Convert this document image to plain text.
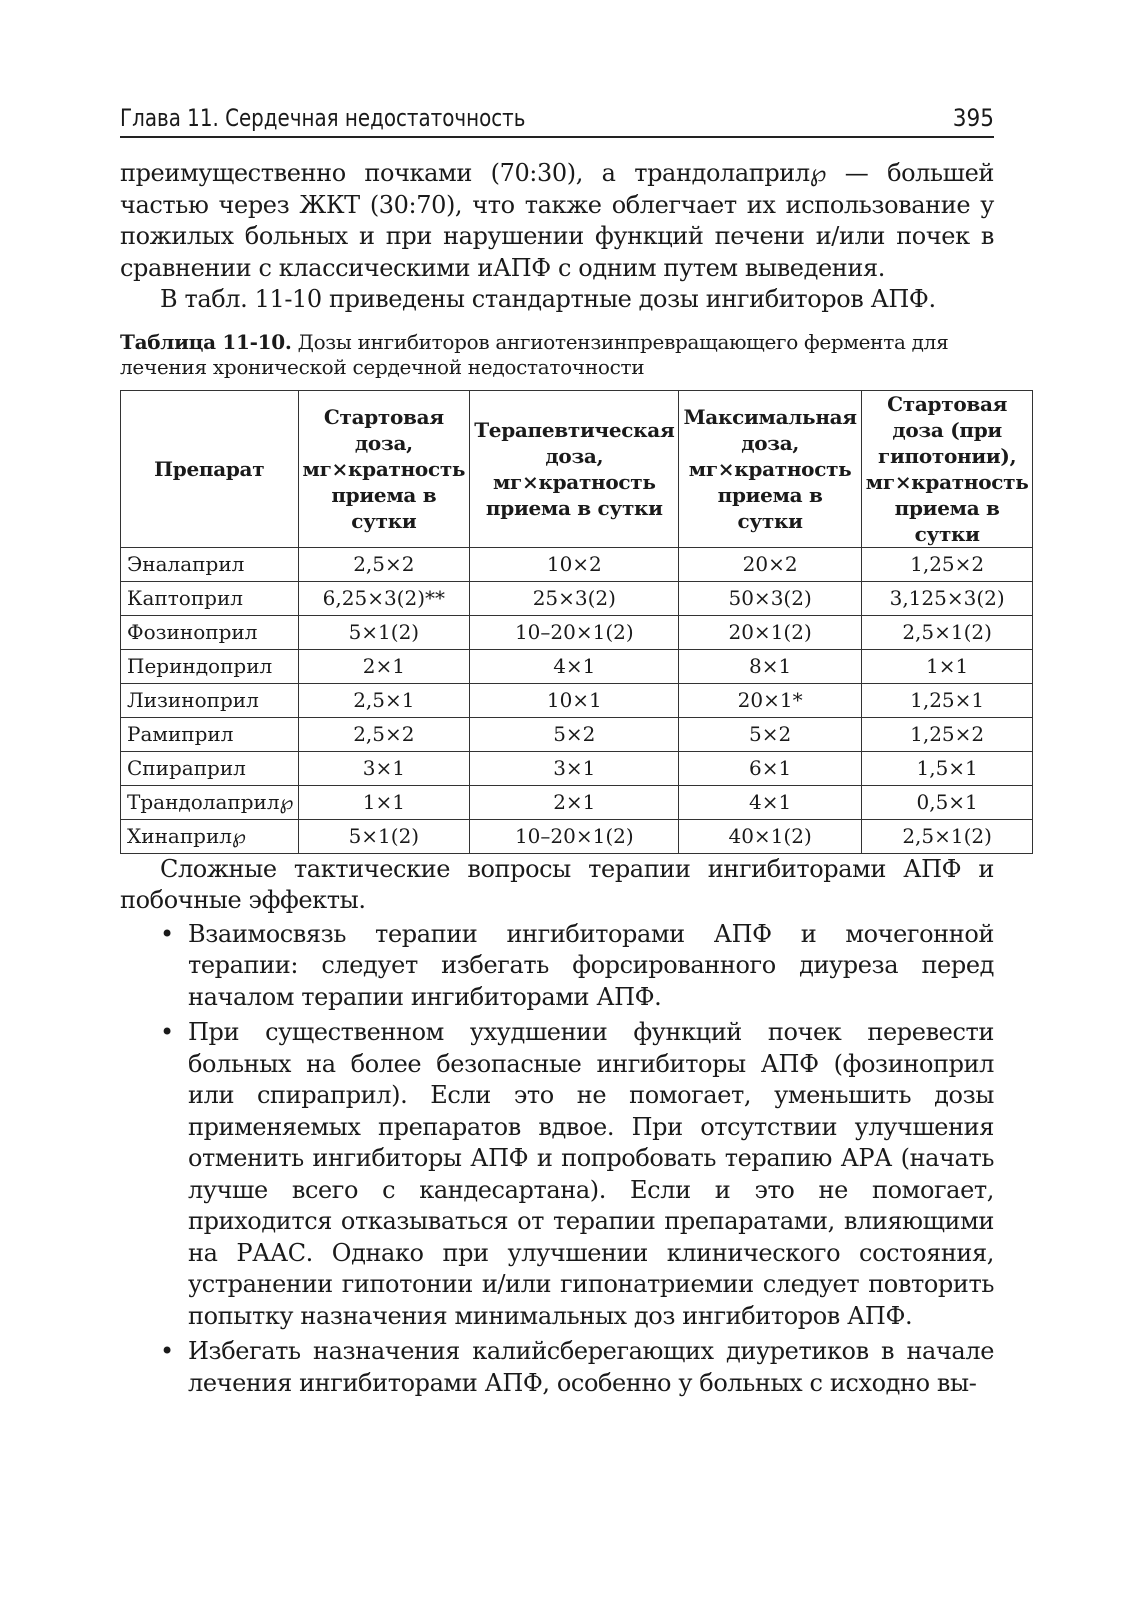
Глава 11. Сердечная недостаточность	395

преимущественно почками (70:30), а трандолаприл℘ — большей частью через ЖКТ (30:70), что также облегчает их использование у пожилых больных и при нарушении функций печени и/или почек в сравнении с классическими иАПФ с одним путем выведения.

В табл. 11-10 приведены стандартные дозы ингибиторов АПФ.

Таблица 11-10. Дозы ингибиторов ангиотензинпревращающего фермента для лечения хронической сердечной недостаточности
Препарат	Стартовая доза, мг×кратность приема в сутки	Терапевтическая доза, мг×кратность приема в сутки	Максимальная доза, мг×кратность приема в сутки	Стартовая доза (при гипотонии), мг×кратность приема в сутки
Эналаприл	2,5×2	10×2	20×2	1,25×2
Каптоприл	6,25×3(2)**	25×3(2)	50×3(2)	3,125×3(2)
Фозиноприл	5×1(2)	10–20×1(2)	20×1(2)	2,5×1(2)
Периндоприл	2×1	4×1	8×1	1×1
Лизиноприл	2,5×1	10×1	20×1*	1,25×1
Рамиприл	2,5×2	5×2	5×2	1,25×2
Спираприл	3×1	3×1	6×1	1,5×1
Трандолаприл℘	1×1	2×1	4×1	0,5×1
Хинаприл℘	5×1(2)	10–20×1(2)	40×1(2)	2,5×1(2)

Сложные тактические вопросы терапии ингибиторами АПФ и побочные эффекты.

• Взаимосвязь терапии ингибиторами АПФ и мочегонной терапии: следует избегать форсированного диуреза перед началом терапии ингибиторами АПФ.
• При существенном ухудшении функций почек перевести больных на более безопасные ингибиторы АПФ (фозиноприл или спираприл). Если это не помогает, уменьшить дозы применяемых препаратов вдвое. При отсутствии улучшения отменить ингибиторы АПФ и попробовать терапию АРА (начать лучше всего с кандесартана). Если и это не помогает, приходится отказываться от терапии препаратами, влияющими на РААС. Однако при улучшении клинического состояния, устранении гипотонии и/или гипонатриемии следует повторить попытку назначения минимальных доз ингибиторов АПФ.
• Избегать назначения калийсберегающих диуретиков в начале лечения ингибиторами АПФ, особенно у больных с исходно вы-
